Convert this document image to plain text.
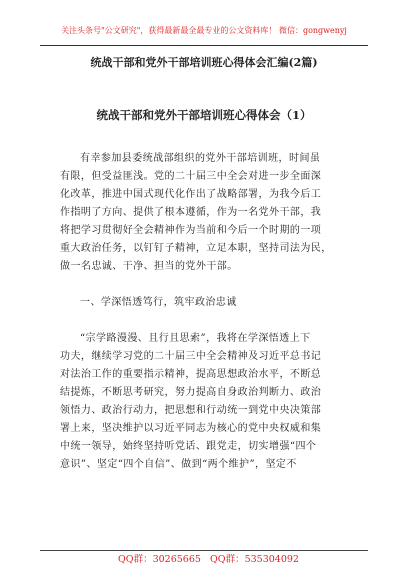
关注头条号"公文研究"，获得最新最全最专业的公文资料库！ 微信：gongwenyj
统战干部和党外干部培训班心得体会汇编(2篇)
统战干部和党外干部培训班心得体会（1）
有幸参加县委统战部组织的党外干部培训班，时间虽
有限，但受益匪浅。党的二十届三中全会对进一步全面深
化改革，推进中国式现代化作出了战略部署，为我今后工
作指明了方向、提供了根本遵循，作为一名党外干部，我
将把学习贯彻好全会精神作为当前和今后一个时期的一项
重大政治任务，以钉钉子精神，立足本职，坚持司法为民，
做一名忠诚、干净、担当的党外干部。
一、学深悟透笃行，筑牢政治忠诚
“宗学路漫漫、且行且思索”，我将在学深悟透上下
功夫，继续学习党的二十届三中全会精神及习近平总书记
对法治工作的重要指示精神，提高思想政治水平，不断总
结提炼，不断思考研究，努力提高自身政治判断力、政治
领悟力、政治行动力，把思想和行动统一到党中央决策部
署上来，坚决维护以习近平同志为核心的党中央权威和集
中统一领导，始终坚持听党话、跟党走，切实增强“四个
意识”、坚定“四个自信”、做到“两个维护”，坚定不
QQ群：30265665 QQ群：535304092
